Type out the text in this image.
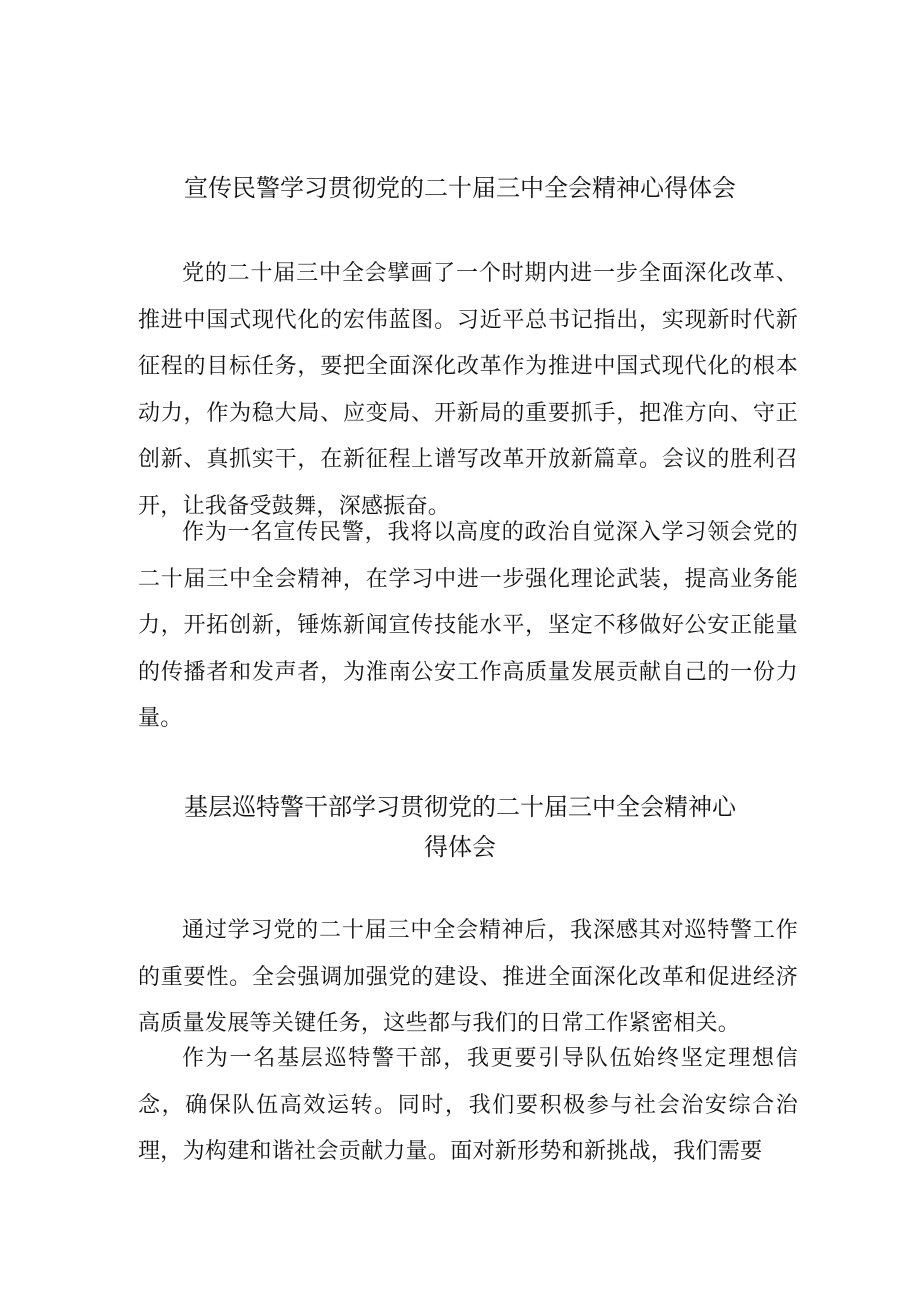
宣传民警学习贯彻党的二十届三中全会精神心得体会

党的二十届三中全会擘画了一个时期内进一步全面深化改革、推进中国式现代化的宏伟蓝图。习近平总书记指出，实现新时代新征程的目标任务，要把全面深化改革作为推进中国式现代化的根本动力，作为稳大局、应变局、开新局的重要抓手，把准方向、守正创新、真抓实干，在新征程上谱写改革开放新篇章。会议的胜利召开，让我备受鼓舞，深感振奋。

作为一名宣传民警，我将以高度的政治自觉深入学习领会党的二十届三中全会精神，在学习中进一步强化理论武装，提高业务能力，开拓创新，锤炼新闻宣传技能水平，坚定不移做好公安正能量的传播者和发声者，为淮南公安工作高质量发展贡献自己的一份力量。

基层巡特警干部学习贯彻党的二十届三中全会精神心
得体会

通过学习党的二十届三中全会精神后，我深感其对巡特警工作的重要性。全会强调加强党的建设、推进全面深化改革和促进经济高质量发展等关键任务，这些都与我们的日常工作紧密相关。

作为一名基层巡特警干部，我更要引导队伍始终坚定理想信念，确保队伍高效运转。同时，我们要积极参与社会治安综合治理，为构建和谐社会贡献力量。面对新形势和新挑战，我们需要
